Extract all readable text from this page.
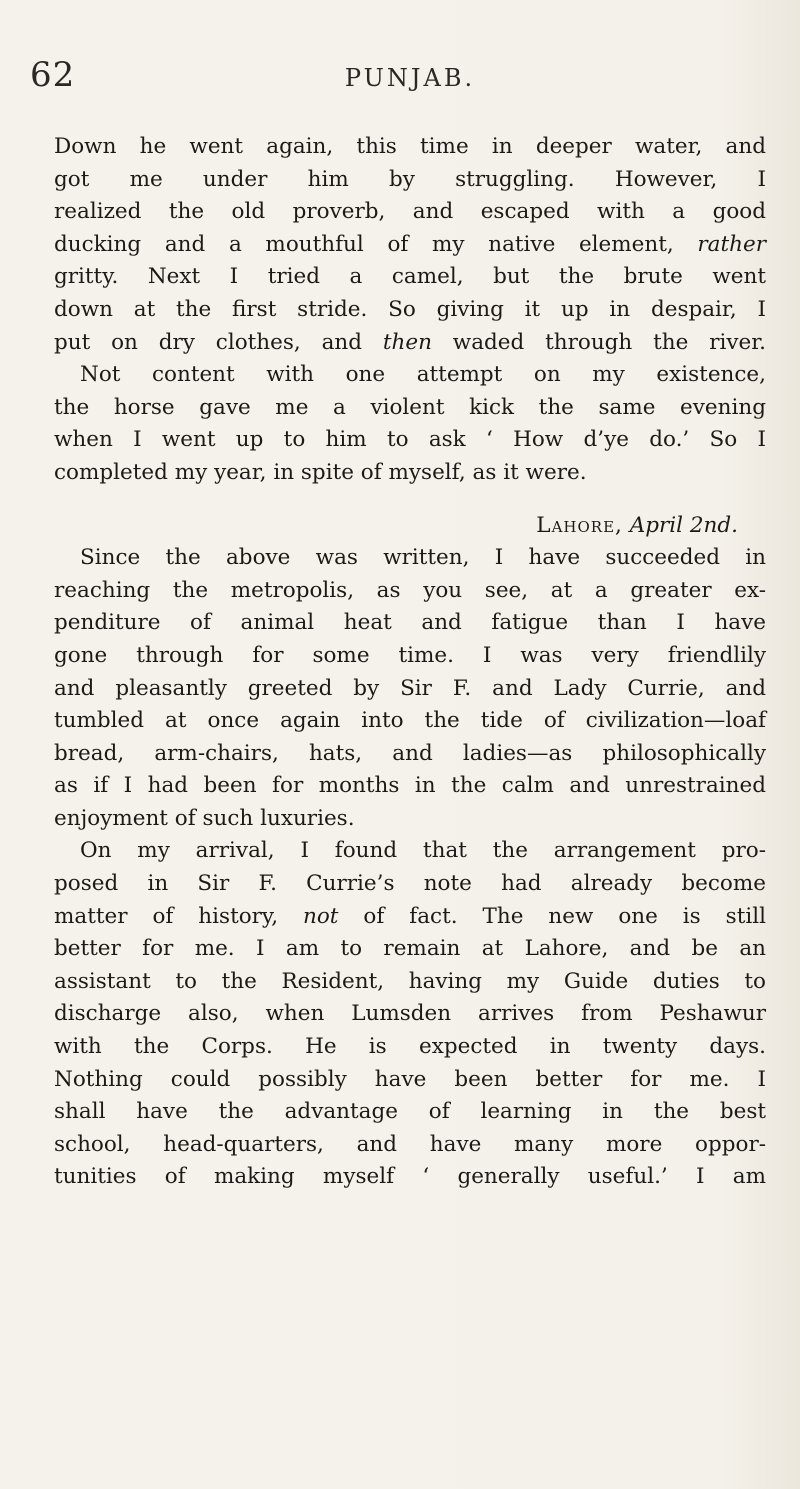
62	PUNJAB.
Down he went again, this time in deeper water, and
got me under him by struggling. However, I
realized the old proverb, and escaped with a good
ducking and a mouthful of my native element, rather
gritty. Next I tried a camel, but the brute went
down at the first stride. So giving it up in despair, I
put on dry clothes, and then waded through the river.
Not content with one attempt on my existence,
the horse gave me a violent kick the same evening
when I went up to him to ask ‘ How d’ye do.’ So I
completed my year, in spite of myself, as it were.
Lahore, April 2nd.
Since the above was written, I have succeeded in
reaching the metropolis, as you see, at a greater ex-
penditure of animal heat and fatigue than I have
gone through for some time. I was very friendlily
and pleasantly greeted by Sir F. and Lady Currie, and
tumbled at once again into the tide of civilization—loaf
bread, arm-chairs, hats, and ladies—as philosophically
as if I had been for months in the calm and unrestrained
enjoyment of such luxuries.
On my arrival, I found that the arrangement pro-
posed in Sir F. Currie’s note had already become
matter of history, not of fact. The new one is still
better for me. I am to remain at Lahore, and be an
assistant to the Resident, having my Guide duties to
discharge also, when Lumsden arrives from Peshawur
with the Corps. He is expected in twenty days.
Nothing could possibly have been better for me. I
shall have the advantage of learning in the best
school, head-quarters, and have many more oppor-
tunities of making myself ‘ generally useful.’ I am
